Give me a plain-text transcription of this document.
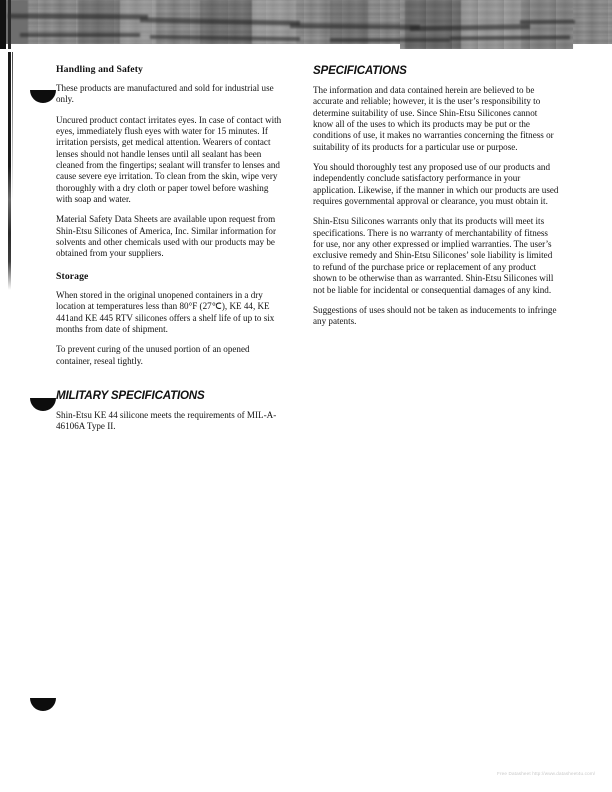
Handling and Safety

These products are manufactured and sold for industrial use only.

Uncured product contact irritates eyes. In case of contact with eyes, immediately flush eyes with water for 15 minutes. If irritation persists, get medical attention. Wearers of contact lenses should not handle lenses until all sealant has been cleaned from the fingertips; sealant will transfer to lenses and cause severe eye irritation. To clean from the skin, wipe very thoroughly with a dry cloth or paper towel before washing with soap and water.

Material Safety Data Sheets are available upon request from Shin-Etsu Silicones of America, Inc. Similar information for solvents and other chemicals used with our products may be obtained from your suppliers.

Storage

When stored in the original unopened containers in a dry location at temperatures less than 80°F (27℃), KE 44, KE 441and KE 445 RTV silicones offers a shelf life of up to six months from date of shipment.

To prevent curing of the unused portion of an opened container, reseal tightly.

MILITARY SPECIFICATIONS

Shin-Etsu KE 44 silicone meets the requirements of MIL-A-46106A Type II.

SPECIFICATIONS

The information and data contained herein are believed to be accurate and reliable; however, it is the user’s responsibility to determine suitability of use. Since Shin-Etsu Silicones cannot know all of the uses to which its products may be put or the conditions of use, it makes no warranties concerning the fitness or suitability of its products for a particular use or purpose.

You should thoroughly test any proposed use of our products and independently conclude satisfactory performance in your application. Likewise, if the manner in which our products are used requires governmental approval or clearance, you must obtain it.

Shin-Etsu Silicones warrants only that its products will meet its specifications. There is no warranty of merchantability of fitness for use, nor any other expressed or implied warranties. The user’s exclusive remedy and Shin-Etsu Silicones’ sole liability is limited to refund of the purchase price or replacement of any product shown to be otherwise than as warranted. Shin-Etsu Silicones will not be liable for incidental or consequential damages of any kind.

Suggestions of uses should not be taken as inducements to infringe any patents.

Free Datasheet http://www.datasheet4u.com/
